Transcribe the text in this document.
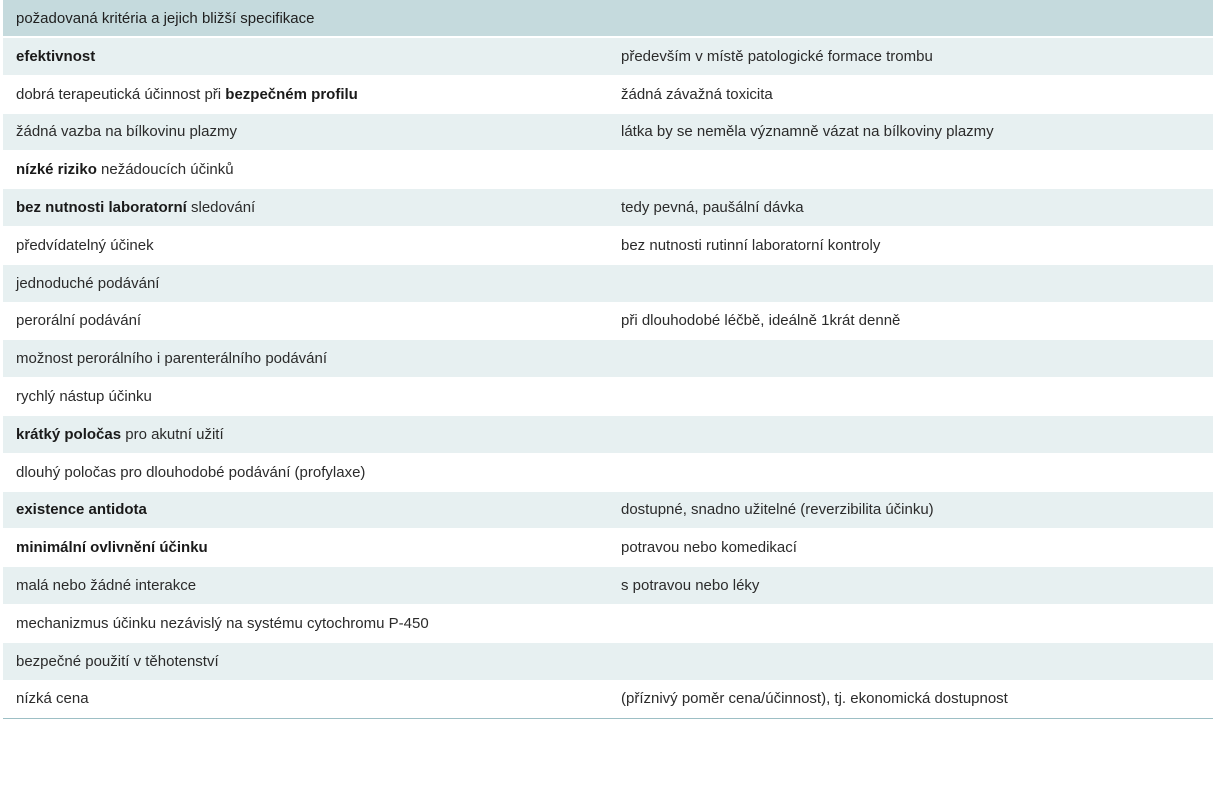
požadovaná kritéria a jejich bližší specifikace
efektivnost	především v místě patologické formace trombu
dobrá terapeutická účinnost při bezpečném profilu	žádná závažná toxicita
žádná vazba na bílkovinu plazmy	látka by se neměla významně vázat na bílkoviny plazmy
nízké riziko nežádoucích účinků
bez nutnosti laboratorní sledování	tedy pevná, paušální dávka
předvídatelný účinek	bez nutnosti rutinní laboratorní kontroly
jednoduché podávání
perorální podávání	při dlouhodobé léčbě, ideálně 1krát denně
možnost perorálního i parenterálního podávání
rychlý nástup účinku
krátký poločas pro akutní užití
dlouhý poločas pro dlouhodobé podávání (profylaxe)
existence antidota	dostupné, snadno užitelné (reverzibilita účinku)
minimální ovlivnění účinku	potravou nebo komedikací
malá nebo žádné interakce	s potravou nebo léky
mechanizmus účinku nezávislý na systému cytochromu P-450
bezpečné použití v těhotenství
nízká cena	(příznivý poměr cena/účinnost), tj. ekonomická dostupnost
